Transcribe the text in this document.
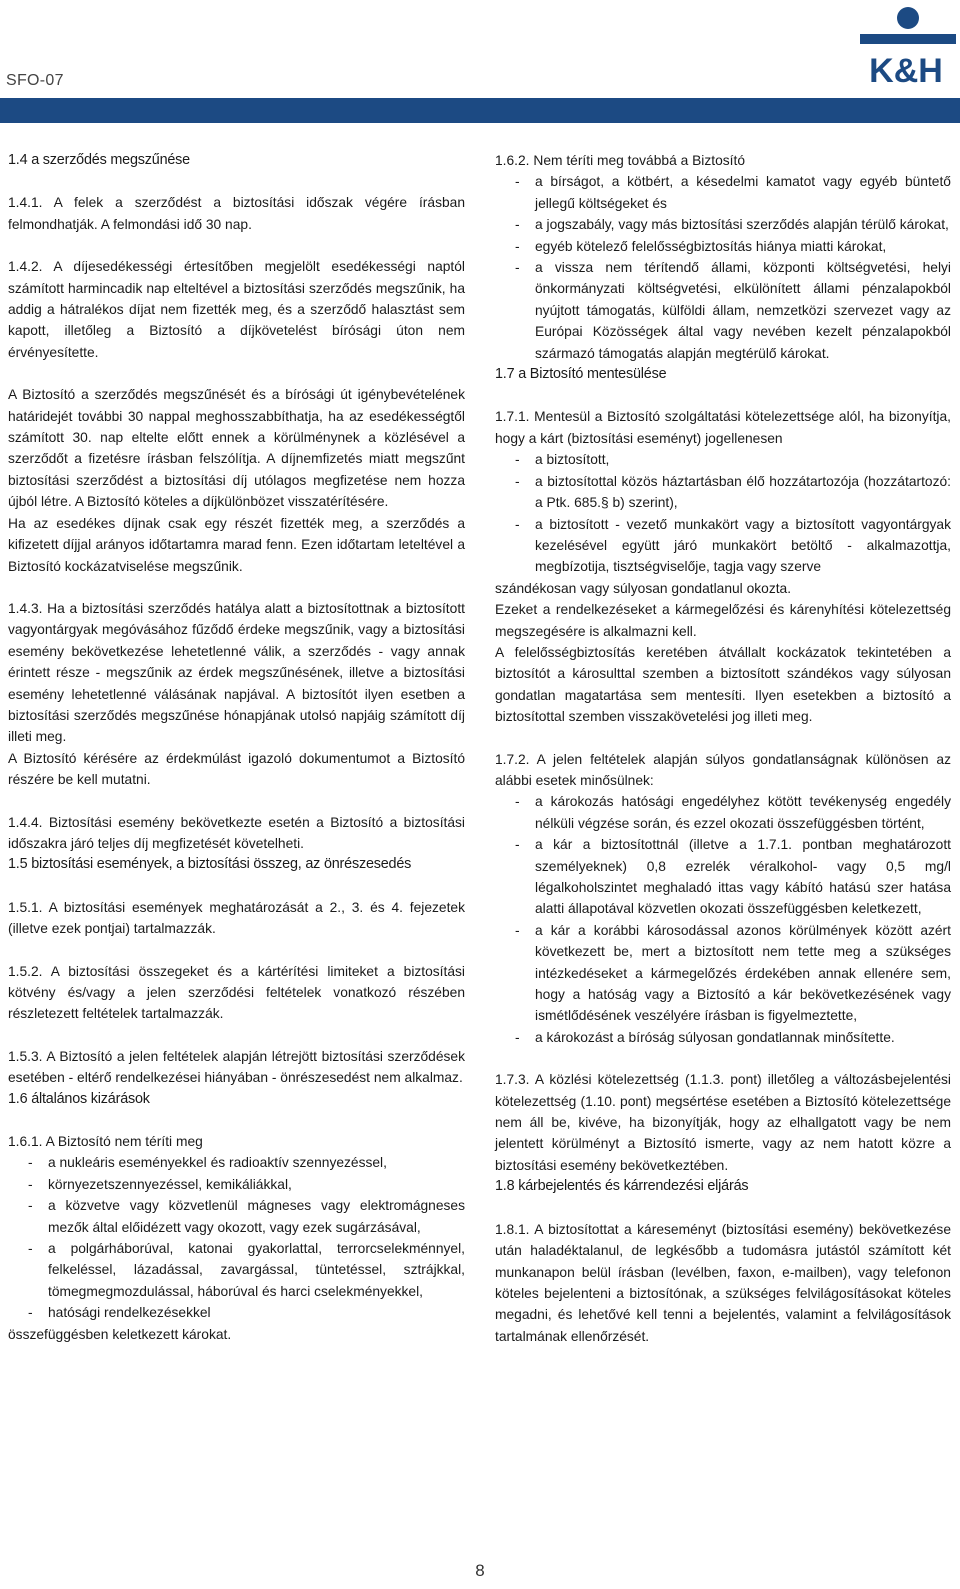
SFO-07	K&H
1.4 a szerződés megszűnése

1.4.1. A felek a szerződést a biztosítási időszak végére írásban felmondhatják. A felmondási idő 30 nap.

1.4.2. A díjesedékességi értesítőben megjelölt esedékességi naptól számított harmincadik nap elteltével a biztosítási szerződés megszűnik, ha addig a hátralékos díjat nem fizették meg, és a szerződő halasztást sem kapott, illetőleg a Biztosító a díjkövetelést bírósági úton nem érvényesítette.

A Biztosító a szerződés megszűnését és a bírósági út igénybevételének határidejét további 30 nappal meghosszabbíthatja, ha az esedékességtől számított 30. nap eltelte előtt ennek a körülménynek a közlésével a szerződőt a fizetésre írásban felszólítja. A díjnemfizetés miatt megszűnt biztosítási szerződést a biztosítási díj utólagos megfizetése nem hozza újból létre. A Biztosító köteles a díjkülönbözet visszatérítésére.

Ha az esedékes díjnak csak egy részét fizették meg, a szerződés a kifizetett díjjal arányos időtartamra marad fenn. Ezen időtartam leteltével a Biztosító kockázatviselése megszűnik.

1.4.3. Ha a biztosítási szerződés hatálya alatt a biztosítottnak a biztosított vagyontárgyak megóvásához fűződő érdeke megszűnik, vagy a biztosítási esemény bekövetkezése lehetetlenné válik, a szerződés - vagy annak érintett része - megszűnik az érdek megszűnésének, illetve a biztosítási esemény lehetetlenné válásának napjával. A biztosítót ilyen esetben a biztosítási szerződés megszűnése hónapjának utolsó napjáig számított díj illeti meg.

A Biztosító kérésére az érdekmúlást igazoló dokumentumot a Biztosító részére be kell mutatni.

1.4.4. Biztosítási esemény bekövetkezte esetén a Biztosító a biztosítási időszakra járó teljes díj megfizetését követelheti.

1.5 biztosítási események, a biztosítási összeg, az önrészesedés

1.5.1. A biztosítási események meghatározását a 2., 3. és 4. fejezetek (illetve ezek pontjai) tartalmazzák.

1.5.2. A biztosítási összegeket és a kártérítési limiteket a biztosítási kötvény és/vagy a jelen szerződési feltételek vonatkozó részében részletezett feltételek tartalmazzák.

1.5.3. A Biztosító a jelen feltételek alapján létrejött biztosítási szerződések esetében - eltérő rendelkezései hiányában - önrészesedést nem alkalmaz.

1.6 általános kizárások

1.6.1. A Biztosító nem téríti meg

-	a nukleáris eseményekkel és radioaktív szennyezéssel,
-	környezetszennyezéssel, kemikáliákkal,
-	a közvetve vagy közvetlenül mágneses vagy elektromágneses mezők által előidézett vagy okozott, vagy ezek sugárzásával,
-	a polgárháborúval, katonai gyakorlattal, terrorcselekménnyel, felkeléssel, lázadással, zavargással, tüntetéssel, sztrájkkal, tömegmegmozdulással, háborúval és harci cselekményekkel,
-	hatósági rendelkezésekkel

összefüggésben keletkezett károkat.

1.6.2. Nem téríti meg továbbá a Biztosító

-	a bírságot, a kötbért, a késedelmi kamatot vagy egyéb büntető jellegű költségeket és
-	a jogszabály, vagy más biztosítási szerződés alapján térülő károkat,
-	egyéb kötelező felelősségbiztosítás hiánya miatti károkat,
-	a vissza nem térítendő állami, központi költségvetési, helyi önkormányzati költségvetési, elkülönített állami pénzalapokból nyújtott támogatás, külföldi állam, nemzetközi szervezet vagy az Európai Közösségek által vagy nevében kezelt pénzalapokból származó támogatás alapján megtérülő károkat.
1.7 a Biztosító mentesülése

1.7.1. Mentesül a Biztosító szolgáltatási kötelezettsége alól, ha bizonyítja, hogy a kárt (biztosítási eseményt) jogellenesen

-	a biztosított,
-	a biztosítottal közös háztartásban élő hozzátartozója (hozzátartozó: a Ptk. 685.§ b) szerint),
-	a biztosított - vezető munkakört vagy a biztosított vagyontárgyak kezelésével együtt járó munkakört betöltő - alkalmazottja, megbízotija, tisztségviselője, tagja vagy szerve

szándékosan vagy súlyosan gondatlanul okozta.

Ezeket a rendelkezéseket a kármegelőzési és kárenyhítési kötelezettség megszegésére is alkalmazni kell.

A felelősségbiztosítás keretében átvállalt kockázatok tekintetében a biztosítót a károsulttal szemben a biztosított szándékos vagy súlyosan gondatlan magatartása sem mentesíti. Ilyen esetekben a biztosító a biztosítottal szemben visszakövetelési jog illeti meg.

1.7.2. A jelen feltételek alapján súlyos gondatlanságnak különösen az alábbi esetek minősülnek:

-	a károkozás hatósági engedélyhez kötött tevékenység engedély nélküli végzése során, és ezzel okozati összefüggésben történt,
-	a kár a biztosítottnál (illetve a 1.7.1. pontban meghatározott személyeknek) 0,8 ezrelék véralkohol- vagy 0,5 mg/l légalkoholszintet meghaladó ittas vagy kábító hatású szer hatása alatti állapotával közvetlen okozati összefüggésben keletkezett,
-	a kár a korábbi károsodással azonos körülmények között azért következett be, mert a biztosított nem tette meg a szükséges intézkedéseket a kármegelőzés érdekében annak ellenére sem, hogy a hatóság vagy a Biztosító a kár bekövetkezésének vagy ismétlődésének veszélyére írásban is figyelmeztette,
-	a károkozást a bíróság súlyosan gondatlannak minősítette.

1.7.3. A közlési kötelezettség (1.1.3. pont) illetőleg a változásbejelentési kötelezettség (1.10. pont) megsértése esetében a Biztosító kötelezettsége nem áll be, kivéve, ha bizonyítják, hogy az elhallgatott vagy be nem jelentett körülményt a Biztosító ismerte, vagy az nem hatott közre a biztosítási esemény bekövetkeztében.

1.8 kárbejelentés és kárrendezési eljárás

1.8.1. A biztosítottat a káreseményt (biztosítási esemény) bekövetkezése után haladéktalanul, de legkésőbb a tudomásra jutástól számított két munkanapon belül írásban (levélben, faxon, e-mailben), vagy telefonon köteles bejelenteni a biztosítónak, a szükséges felvilágosításokat köteles megadni, és lehetővé kell tenni a bejelentés, valamint a felvilágosítások tartalmának ellenőrzését.

8
